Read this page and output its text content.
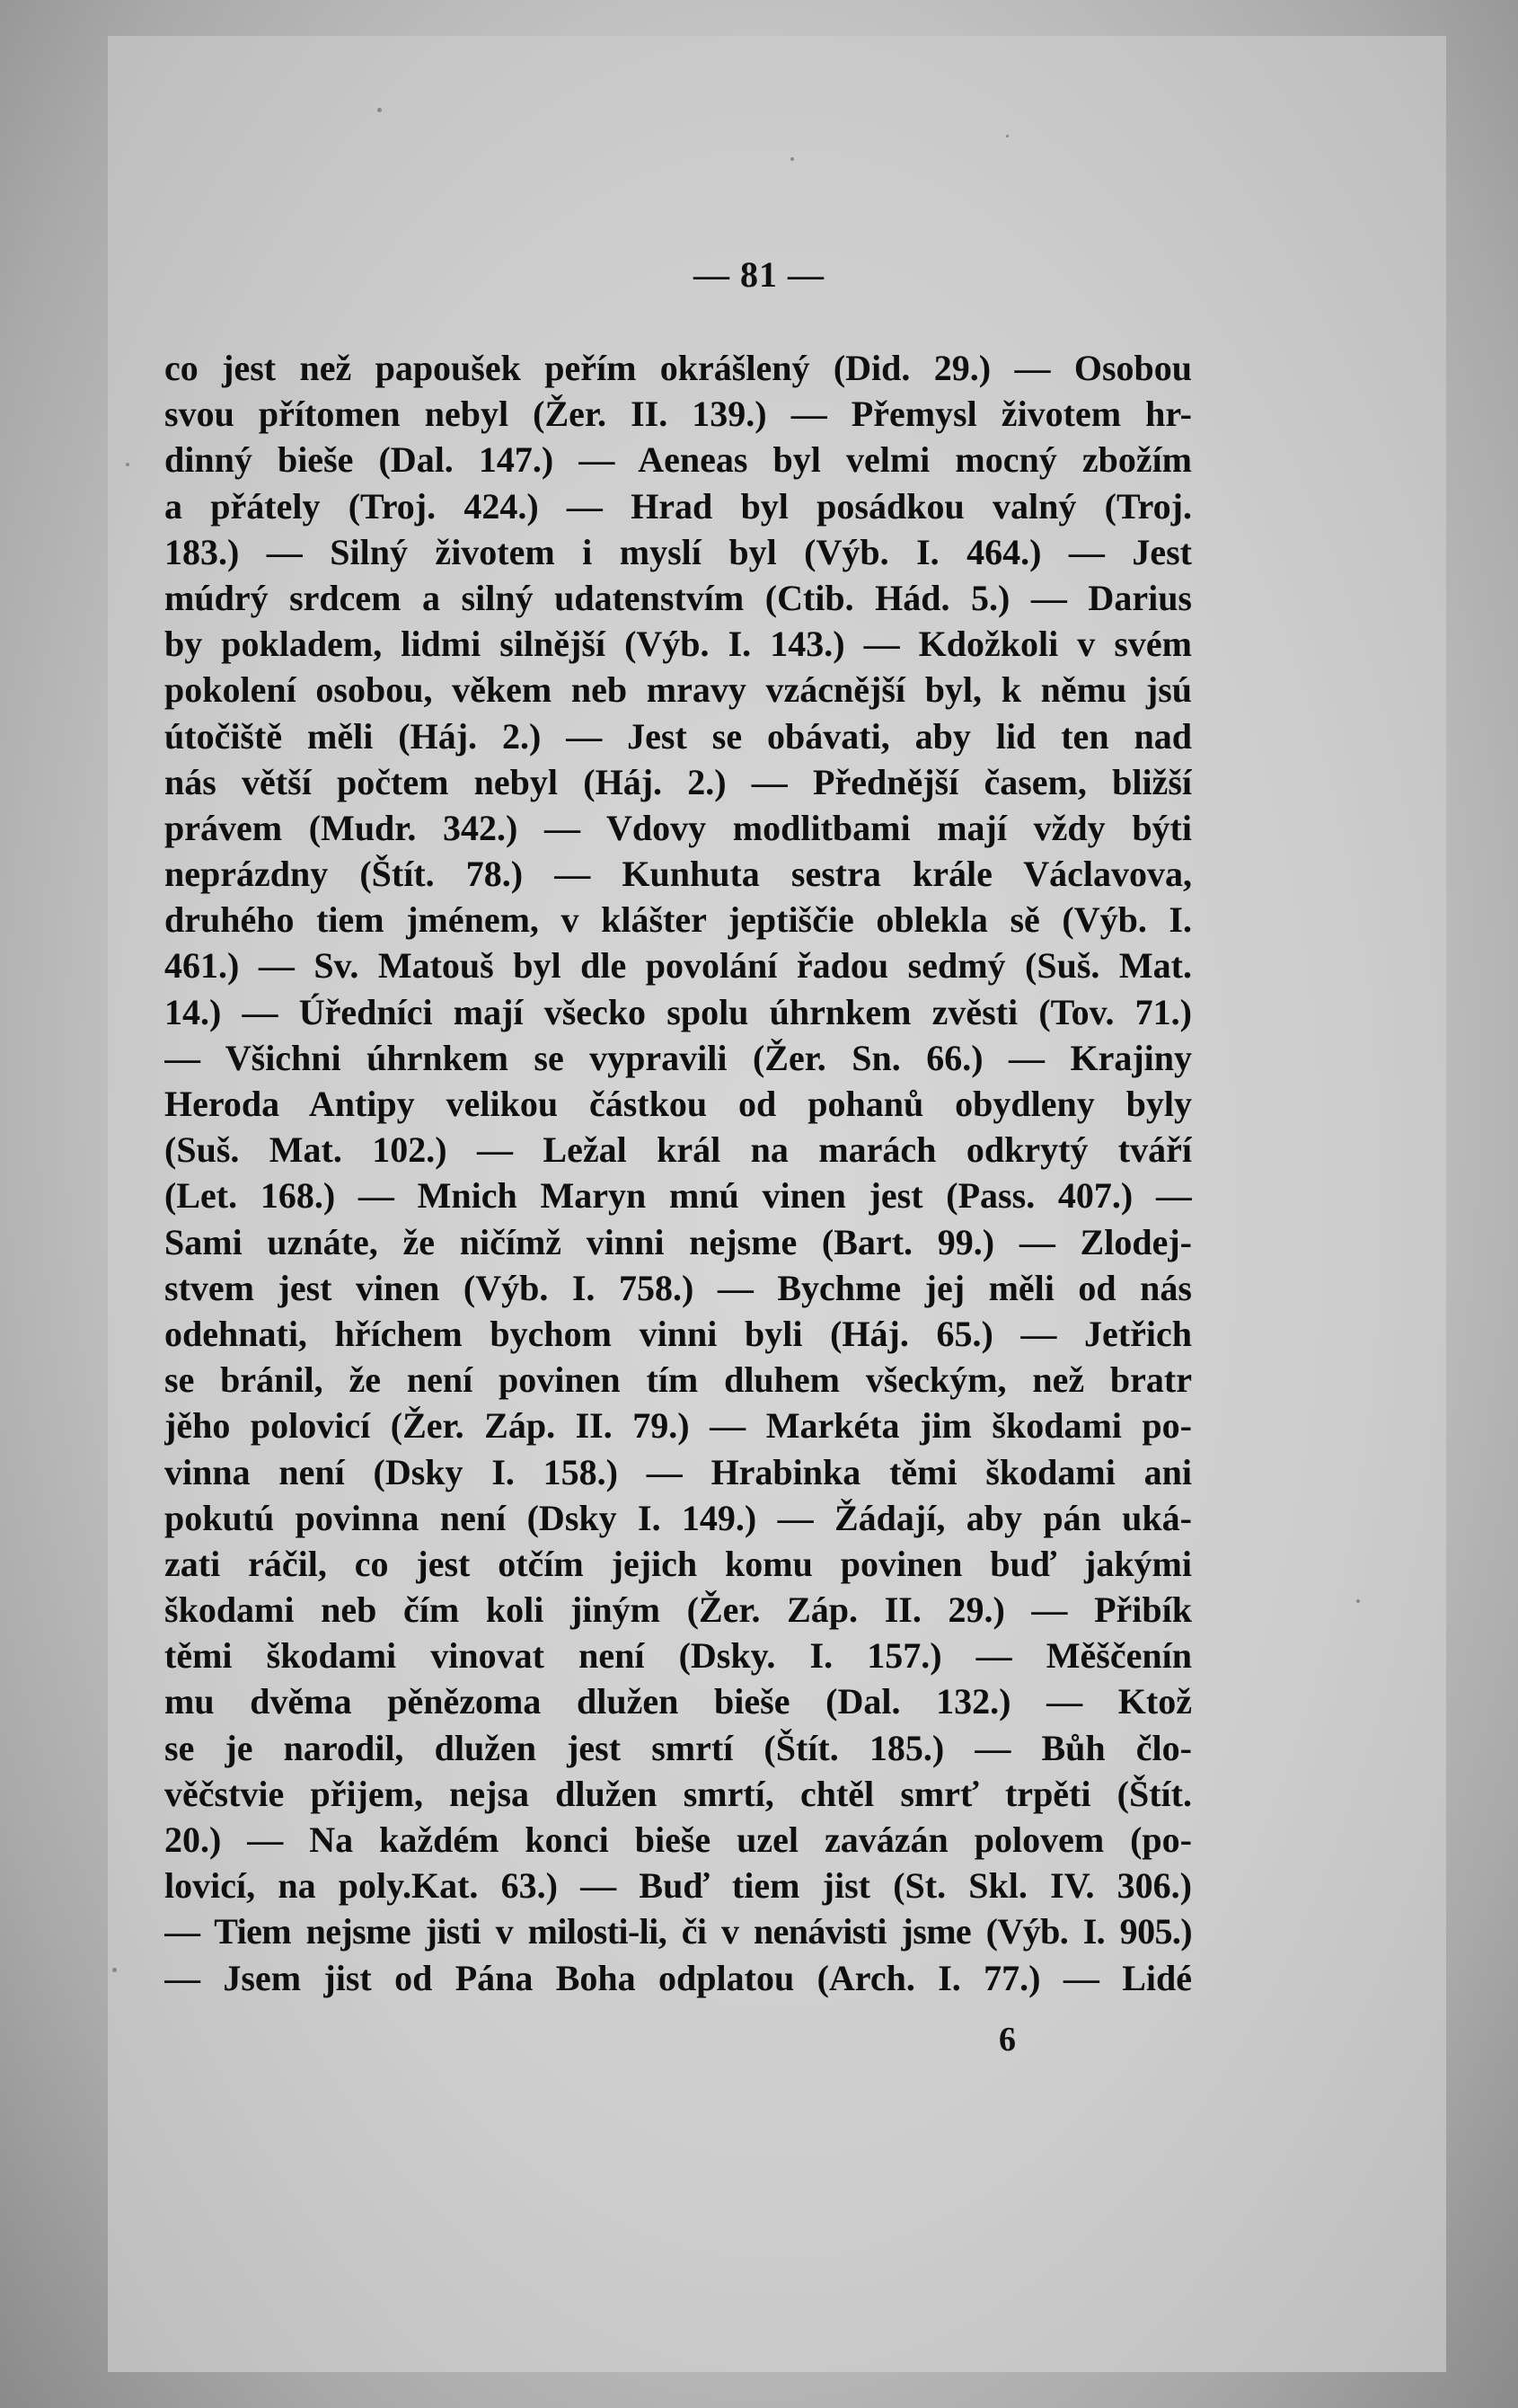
— 81 —
co jest než papoušek peřím okrášlený (Did. 29.) — Osobou
svou přítomen nebyl (Žer. II. 139.) — Přemysl životem hr-
dinný bieše (Dal. 147.) — Aeneas byl velmi mocný zbožím
a přátely (Troj. 424.) — Hrad byl posádkou valný (Troj.
183.) — Silný životem i myslí byl (Výb. I. 464.) — Jest
múdrý srdcem a silný udatenstvím (Ctib. Hád. 5.) — Darius
by pokladem, lidmi silnější (Výb. I. 143.) — Kdožkoli v svém
pokolení osobou, věkem neb mravy vzácnější byl, k němu jsú
útočiště měli (Háj. 2.) — Jest se obávati, aby lid ten nad
nás větší počtem nebyl (Háj. 2.) — Přednější časem, bližší
právem (Mudr. 342.) — Vdovy modlitbami mají vždy býti
neprázdny (Štít. 78.) — Kunhuta sestra krále Václavova,
druhého tiem jménem, v klášter jeptiščie oblekla sě (Výb. I.
461.) — Sv. Matouš byl dle povolání řadou sedmý (Suš. Mat.
14.) — Úředníci mají všecko spolu úhrnkem zvěsti (Tov. 71.)
— Všichni úhrnkem se vypravili (Žer. Sn. 66.) — Krajiny
Heroda Antipy velikou částkou od pohanů obydleny byly
(Suš. Mat. 102.) — Ležal král na marách odkrytý tváří
(Let. 168.) — Mnich Maryn mnú vinen jest (Pass. 407.) —
Sami uznáte, že ničímž vinni nejsme (Bart. 99.) — Zlodej-
stvem jest vinen (Výb. I. 758.) — Bychme jej měli od nás
odehnati, hříchem bychom vinni byli (Háj. 65.) — Jetřich
se bránil, že není povinen tím dluhem všeckým, než bratr
jěho polovicí (Žer. Záp. II. 79.) — Markéta jim škodami po-
vinna není (Dsky I. 158.) — Hrabinka těmi škodami ani
pokutú povinna není (Dsky I. 149.) — Žádají, aby pán uká-
zati ráčil, co jest otčím jejich komu povinen buď jakými
škodami neb čím koli jiným (Žer. Záp. II. 29.) — Přibík
těmi škodami vinovat není (Dsky. I. 157.) — Měščenín
mu dvěma pěnězoma dlužen bieše (Dal. 132.) — Ktož
se je narodil, dlužen jest smrtí (Štít. 185.) — Bůh člo-
věčstvie přijem, nejsa dlužen smrtí, chtěl smrť trpěti (Štít.
20.) — Na každém konci bieše uzel zavázán polovem (po-
lovicí, na poly.Kat. 63.) — Buď tiem jist (St. Skl. IV. 306.)
— Tiem nejsme jisti v milosti-li, či v nenávisti jsme (Výb. I. 905.)
— Jsem jist od Pána Boha odplatou (Arch. I. 77.) — Lidé
6
